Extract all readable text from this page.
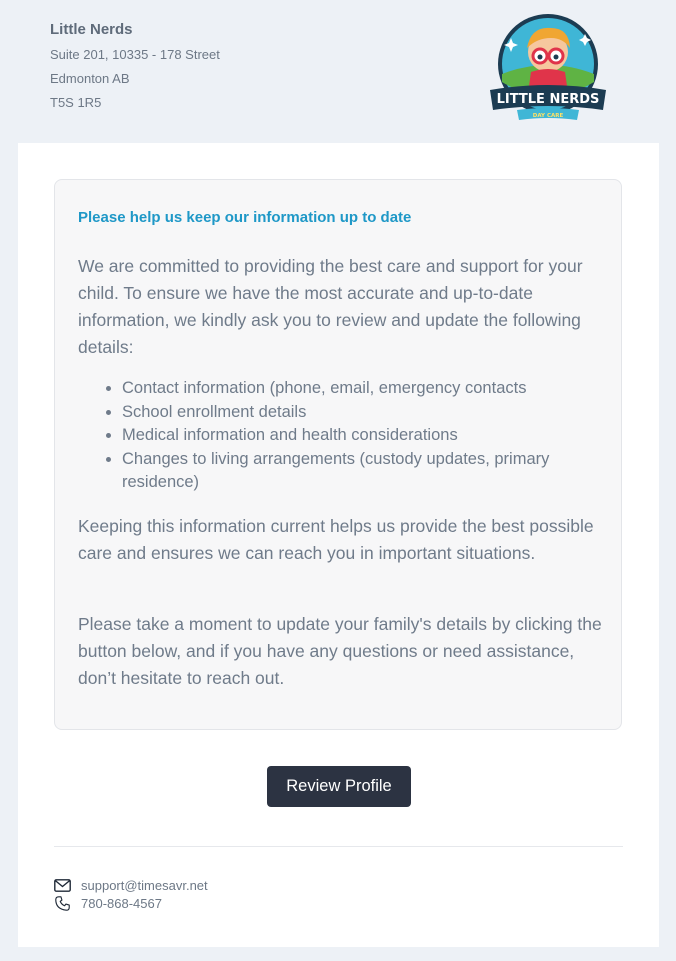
Little Nerds
Suite 201, 10335 - 178 Street
Edmonton AB
T5S 1R5	LITTLE NERDS
DAY CARE
Please help us keep our information up to date
We are committed to providing the best care and support for your child. To ensure we have the most accurate and up-to-date information, we kindly ask you to review and update the following details:
• Contact information (phone, email, emergency contacts
• School enrollment details
• Medical information and health considerations
• Changes to living arrangements (custody updates, primary residence)
Keeping this information current helps us provide the best possible care and ensures we can reach you in important situations.
Please take a moment to update your family's details by clicking the button below, and if you have any questions or need assistance, don’t hesitate to reach out.
Review Profile
support@timesavr.net
780-868-4567
